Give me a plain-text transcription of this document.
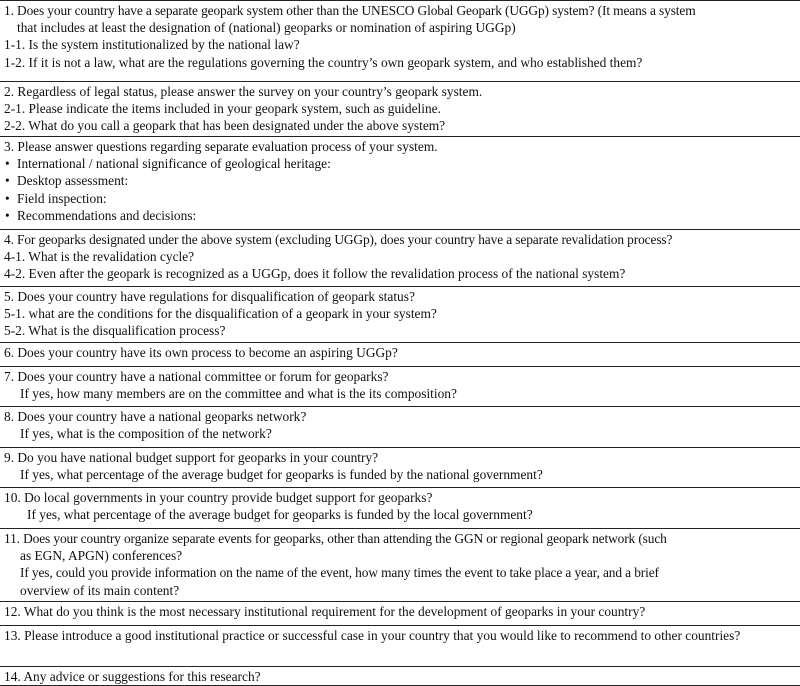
1. Does your country have a separate geopark system other than the UNESCO Global Geopark (UGGp) system? (It means a system
that includes at least the designation of (national) geoparks or nomination of aspiring UGGp)
1-1. Is the system institutionalized by the national law?
1-2. If it is not a law, what are the regulations governing the country’s own geopark system, and who established them?
2. Regardless of legal status, please answer the survey on your country’s geopark system.
2-1. Please indicate the items included in your geopark system, such as guideline.
2-2. What do you call a geopark that has been designated under the above system?
3. Please answer questions regarding separate evaluation process of your system.
• International / national significance of geological heritage:
• Desktop assessment:
• Field inspection:
• Recommendations and decisions:
4. For geoparks designated under the above system (excluding UGGp), does your country have a separate revalidation process?
4-1. What is the revalidation cycle?
4-2. Even after the geopark is recognized as a UGGp, does it follow the revalidation process of the national system?
5. Does your country have regulations for disqualification of geopark status?
5-1. what are the conditions for the disqualification of a geopark in your system?
5-2. What is the disqualification process?
6. Does your country have its own process to become an aspiring UGGp?
7. Does your country have a national committee or forum for geoparks?
If yes, how many members are on the committee and what is the its composition?
8. Does your country have a national geoparks network?
If yes, what is the composition of the network?
9. Do you have national budget support for geoparks in your country?
If yes, what percentage of the average budget for geoparks is funded by the national government?
10. Do local governments in your country provide budget support for geoparks?
If yes, what percentage of the average budget for geoparks is funded by the local government?
11. Does your country organize separate events for geoparks, other than attending the GGN or regional geopark network (such
as EGN, APGN) conferences?
If yes, could you provide information on the name of the event, how many times the event to take place a year, and a brief
overview of its main content?
12. What do you think is the most necessary institutional requirement for the development of geoparks in your country?
13. Please introduce a good institutional practice or successful case in your country that you would like to recommend to other countries?
14. Any advice or suggestions for this research?
